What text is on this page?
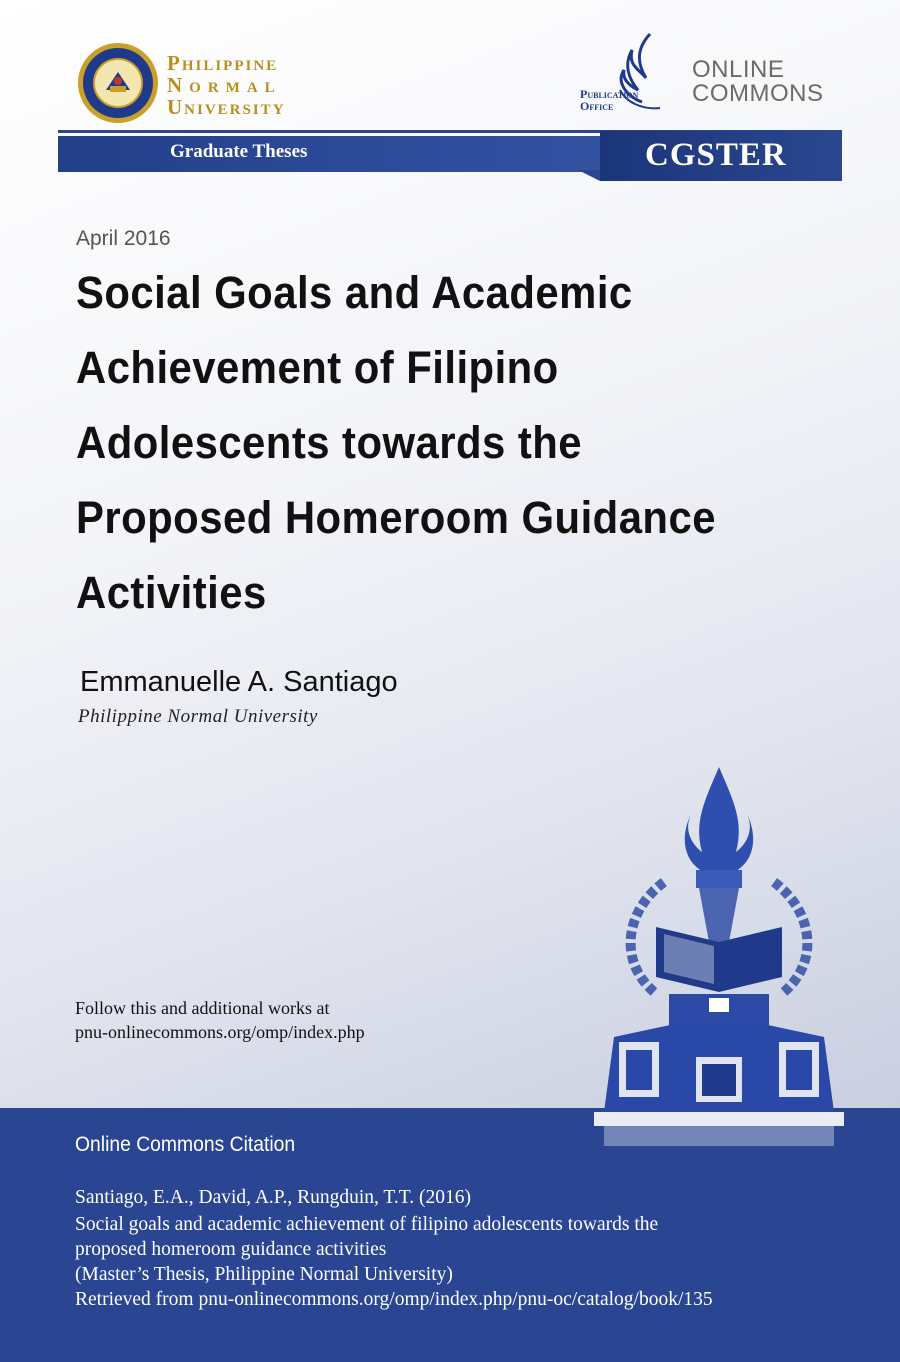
Philippine
Normal
University
Publication
Office
ONLINE
COMMONS
Graduate Theses	CGSTER
April 2016
Social Goals and Academic Achievement of Filipino Adolescents towards the Proposed Homeroom Guidance Activities
Emmanuelle A. Santiago
Philippine Normal University
Follow this and additional works at
pnu-onlinecommons.org/omp/index.php
Online Commons Citation
Santiago, E.A., David, A.P., Rungduin, T.T. (2016)
Social goals and academic achievement of filipino adolescents towards the
proposed homeroom guidance activities
(Master’s Thesis, Philippine Normal University)
Retrieved from pnu-onlinecommons.org/omp/index.php/pnu-oc/catalog/book/135
